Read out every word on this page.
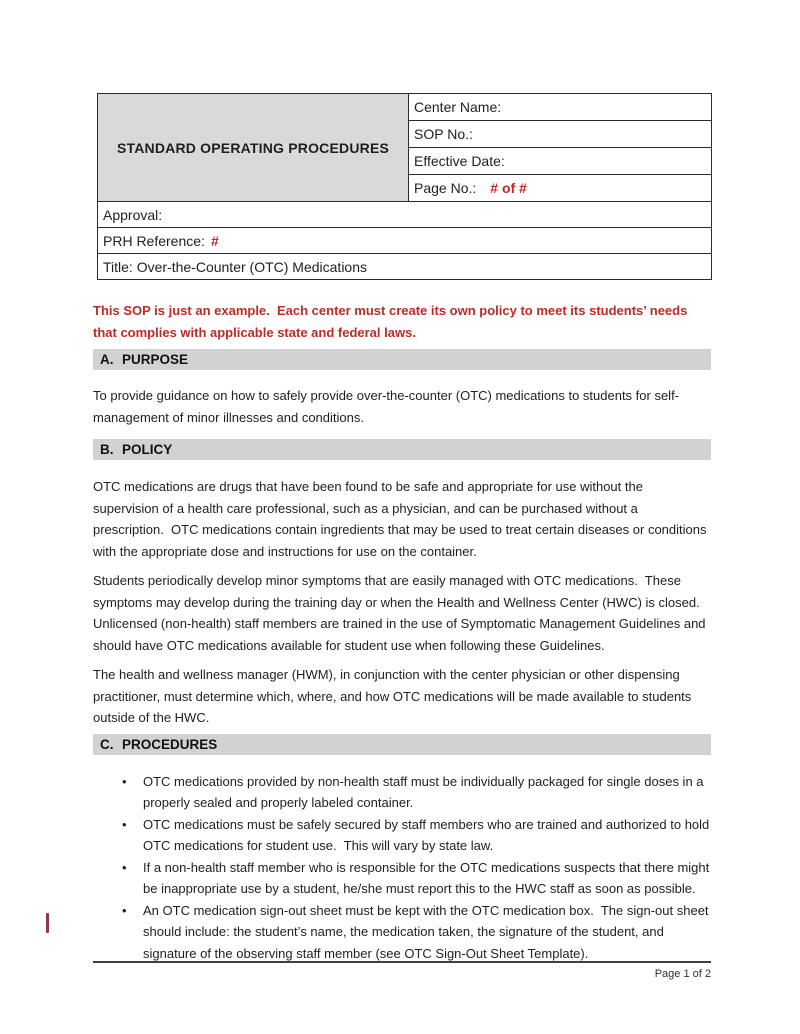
STANDARD OPERATING PROCEDURES	Center Name:
SOP No.:
Effective Date:
Page No.: # of #
Approval:
PRH Reference: #
Title: Over-the-Counter (OTC) Medications

This SOP is just an example.  Each center must create its own policy to meet its students’ needs that complies with applicable state and federal laws.

A. PURPOSE

To provide guidance on how to safely provide over-the-counter (OTC) medications to students for self-management of minor illnesses and conditions.

B. POLICY

OTC medications are drugs that have been found to be safe and appropriate for use without the supervision of a health care professional, such as a physician, and can be purchased without a prescription.  OTC medications contain ingredients that may be used to treat certain diseases or conditions with the appropriate dose and instructions for use on the container.

Students periodically develop minor symptoms that are easily managed with OTC medications.  These symptoms may develop during the training day or when the Health and Wellness Center (HWC) is closed.  Unlicensed (non-health) staff members are trained in the use of Symptomatic Management Guidelines and should have OTC medications available for student use when following these Guidelines.

The health and wellness manager (HWM), in conjunction with the center physician or other dispensing practitioner, must determine which, where, and how OTC medications will be made available to students outside of the HWC.

C. PROCEDURES
• OTC medications provided by non-health staff must be individually packaged for single doses in a properly sealed and properly labeled container.
• OTC medications must be safely secured by staff members who are trained and authorized to hold OTC medications for student use.  This will vary by state law.
• If a non-health staff member who is responsible for the OTC medications suspects that there might be inappropriate use by a student, he/she must report this to the HWC staff as soon as possible.
• An OTC medication sign-out sheet must be kept with the OTC medication box.  The sign-out sheet should include: the student’s name, the medication taken, the signature of the student, and signature of the observing staff member (see OTC Sign-Out Sheet Template).
Page 1 of 2
